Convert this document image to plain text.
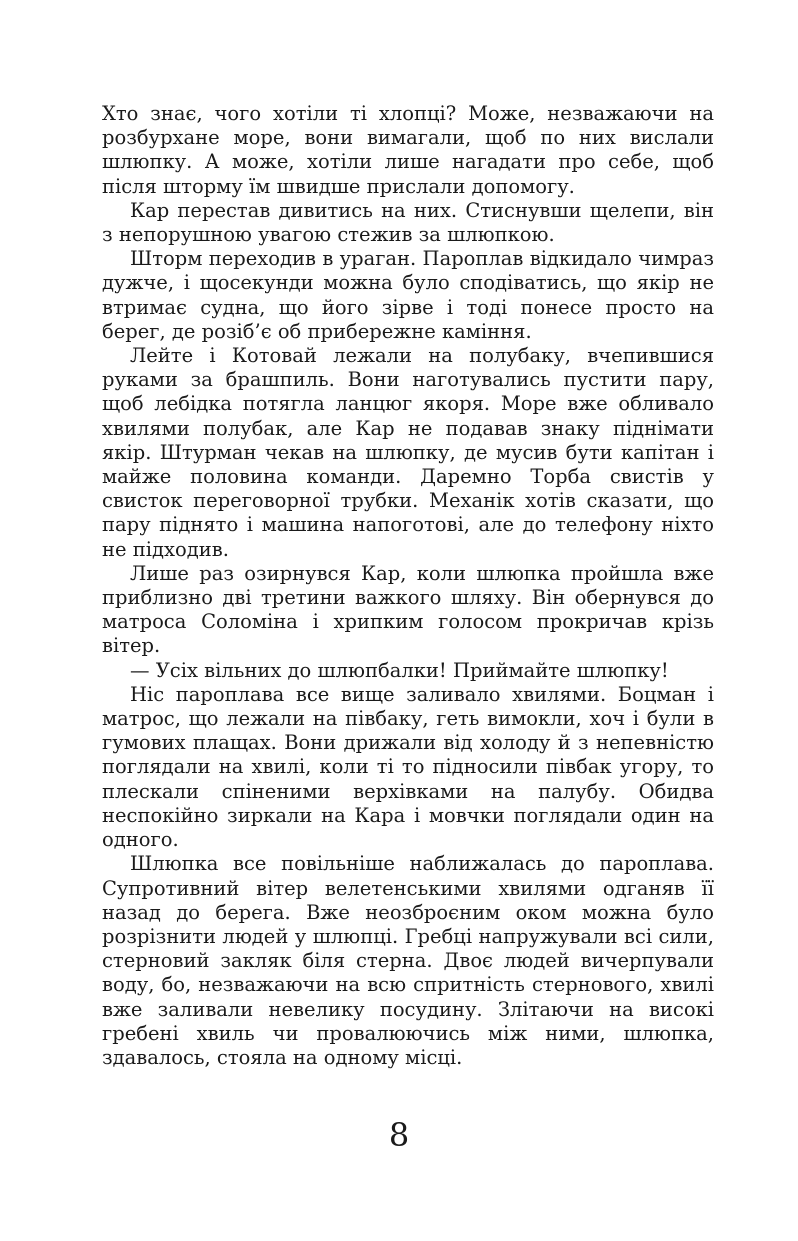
Хто знає, чого хотіли ті хлопці? Може, незважаючи на розбурхане море, вони вимагали, щоб по них вислали шлюпку. А може, хотіли лише нагадати про себе, щоб після шторму їм швидше прислали допомогу.

Кар перестав дивитись на них. Стиснувши щелепи, він з непорушною увагою стежив за шлюпкою.

Шторм переходив в ураган. Пароплав відкидало чимраз дужче, і щосекунди можна було сподіватись, що якір не втримає судна, що його зірве і тоді понесе просто на берег, де розіб’є об прибережне каміння.

Лейте і Котовай лежали на полубаку, вчепившися руками за брашпиль. Вони наготувались пустити пару, щоб лебідка потягла ланцюг якоря. Море вже обливало хвилями полубак, але Кар не подавав знаку піднімати якір. Штурман чекав на шлюпку, де мусив бути капітан і майже половина команди. Даремно Торба свистів у свисток переговорної трубки. Механік хотів сказати, що пару піднято і машина напоготові, але до телефону ніхто не підходив.

Лише раз озирнувся Кар, коли шлюпка пройшла вже приблизно дві третини важкого шляху. Він обернувся до матроса Соломіна і хрипким голосом прокричав крізь вітер.

— Усіх вільних до шлюпбалки! Приймайте шлюпку!

Ніс пароплава все вище заливало хвилями. Боцман і матрос, що лежали на півбаку, геть вимокли, хоч і були в гумових плащах. Вони дрижали від холоду й з непевністю поглядали на хвилі, коли ті то підносили півбак угору, то плескали спіненими верхівками на палубу. Обидва неспокійно зиркали на Кара і мовчки поглядали один на одного.

Шлюпка все повільніше наближалась до пароплава. Супротивний вітер велетенськими хвилями одганяв її назад до берега. Вже неозброєним оком можна було розрізнити людей у шлюпці. Гребці напружували всі сили, стерновий закляк біля стерна. Двоє людей вичерпували воду, бо, незважаючи на всю спритність стернового, хвилі вже заливали невелику посудину. Злітаючи на високі гребені хвиль чи провалюючись між ними, шлюпка, здавалось, стояла на одному місці.

8
